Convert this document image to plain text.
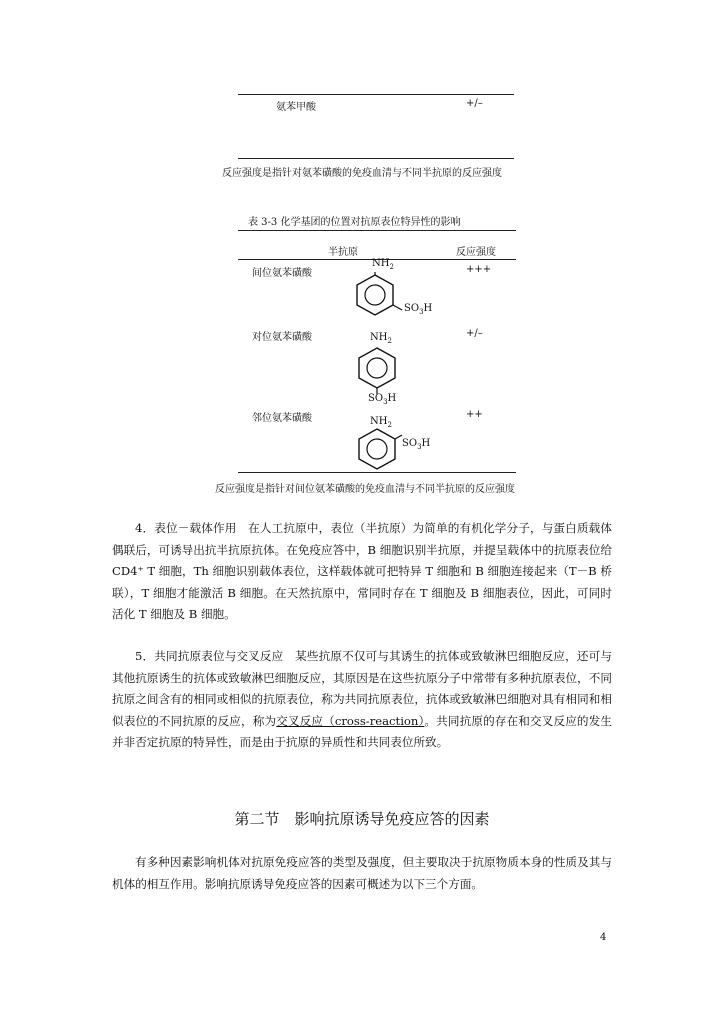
氨苯甲酸	+/–
反应强度是指针对氨苯磺酸的免疫血清与不同半抗原的反应强度
表 3-3 化学基团的位置对抗原表位特异性的影响
半抗原	反应强度
间位氨苯磺酸	+++
$NH_2$
$SO_3H$
对位氨苯磺酸	+/–
$NH_2$
$SO_3H$
邻位氨苯磺酸	++
$NH_2$
$SO_3H$
反应强度是指针对间位氨苯磺酸的免疫血清与不同半抗原的反应强度
4．表位－载体作用　在人工抗原中，表位（半抗原）为简单的有机化学分子，与蛋白质载体偶联后，可诱导出抗半抗原抗体。在免疫应答中，B 细胞识别半抗原，并提呈载体中的抗原表位给 CD4⁺ T 细胞，Th 细胞识别载体表位，这样载体就可把特异 T 细胞和 B 细胞连接起来（T－B 桥联），T 细胞才能激活 B 细胞。在天然抗原中，常同时存在 T 细胞及 B 细胞表位，因此，可同时活化 T 细胞及 B 细胞。
5．共同抗原表位与交叉反应　某些抗原不仅可与其诱生的抗体或致敏淋巴细胞反应，还可与其他抗原诱生的抗体或致敏淋巴细胞反应，其原因是在这些抗原分子中常带有多种抗原表位，不同抗原之间含有的相同或相似的抗原表位，称为共同抗原表位，抗体或致敏淋巴细胞对具有相同和相似表位的不同抗原的反应，称为交叉反应（cross-reaction）。共同抗原的存在和交叉反应的发生并非否定抗原的特异性，而是由于抗原的异质性和共同表位所致。
第二节　影响抗原诱导免疫应答的因素
有多种因素影响机体对抗原免疫应答的类型及强度，但主要取决于抗原物质本身的性质及其与机体的相互作用。影响抗原诱导免疫应答的因素可概述为以下三个方面。
4
